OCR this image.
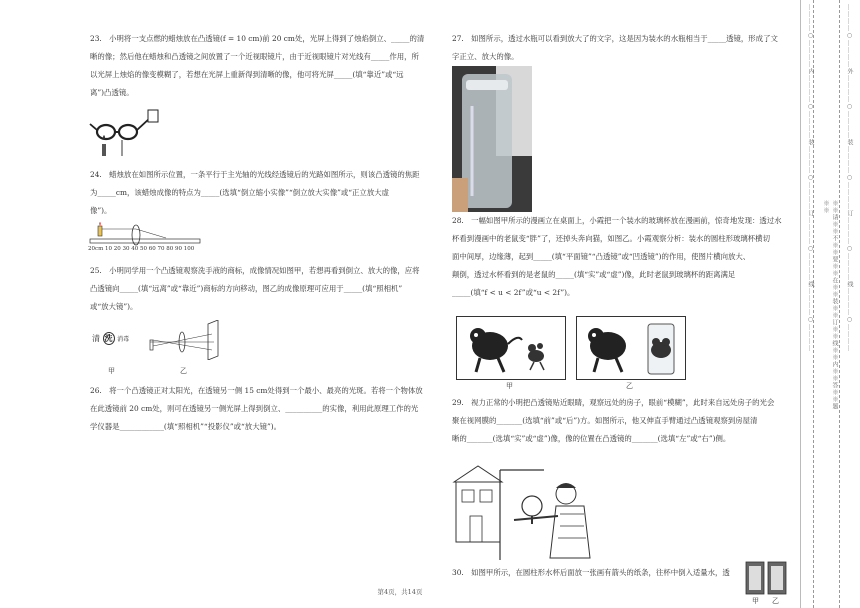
23.　小明将一支点燃的蜡烛放在凸透镜(f = 10 cm)前 20 cm处，光屏上得到了烛焰倒立、_____的清

晰的像；然后他在蜡烛和凸透镜之间放置了一个近视眼镜片，由于近视眼镜片对光线有_____作用，所

以光屏上烛焰的像变模糊了，若想在光屏上重新得到清晰的像，他可将光屏_____(填“靠近”或“远

离”)凸透镜。

24.　蜡烛放在如图所示位置，一条平行于主光轴的光线经透镜后的光路如图所示，则该凸透镜的焦距

为_____cm，该蜡烛成像的特点为_____(选填“倒立缩小实像”“倒立放大实像”或“正立放大虚

像”)。

20cm 10 20 30 40 50 60 70 80 90 100

25.　小明同学用一个凸透镜观察洗手液的商标，成像情况如图甲，若想再看到倒立、放大的像，应将

凸透镜向_____(填“远离”或“靠近”)商标的方向移动，图乙的成像原理可应用于_____(填“照相机”

或“放大镜”)。

清 洗 消毒
甲	乙

26.　将一个凸透镜正对太阳光，在透镜另一侧 15 cm处得到一个最小、最亮的光斑。若将一个物体放

在此透镜前 20 cm处，则可在透镜另一侧光屏上得到倒立、__________的实像，利用此原理工作的光

学仪器是____________(填“照相机”“投影仪”或“放大镜”)。

27.　如图所示，透过水瓶可以看到放大了的文字，这是因为装水的水瓶相当于_____透镜，形成了文

字正立、放大的像。

28.　一幅如图甲所示的漫画立在桌面上，小霞把一个装水的玻璃杯放在漫画前，惊奇地发现：透过水

杯看到漫画中的老鼠变“胖”了，还掉头奔向猫，如图乙。小霞观察分析：装水的圆柱形玻璃杯横切

面中间厚，边缘薄，起到_____(填“平面镜”“凸透镜”或“凹透镜”)的作用，使图片横向放大、

颠倒，透过水杯看到的是老鼠的_____(填“实”或“虚”)像，此时老鼠到玻璃杯的距离满足

_____(填“f < u < 2f”或“u < 2f”)。

甲	乙

29.　视力正常的小明把凸透镜贴近眼睛，观察远处的房子，眼前“模糊”，此时来自远处房子的光会

聚在视网膜的_______(选填“前”或“后”)方。如图所示，他又伸直手臂通过凸透镜观察到房屋清

晰的_______(选填“实”或“虚”)像，像的位置在凸透镜的_______(选填“左”或“右”)侧。

30.　如图甲所示，在圆柱形水杯后面放一张画有箭头的纸条，往杯中倒入适量水，透

甲 乙
第4页，共14页
…………○…………内…………○…………装…………○…………订…………○…………线…………○…………	※※请※※不※※要※※在※※装※※订※※线※※内※※答※※题※※	…………○…………外…………○…………装…………○…………订…………○…………线…………○…………
